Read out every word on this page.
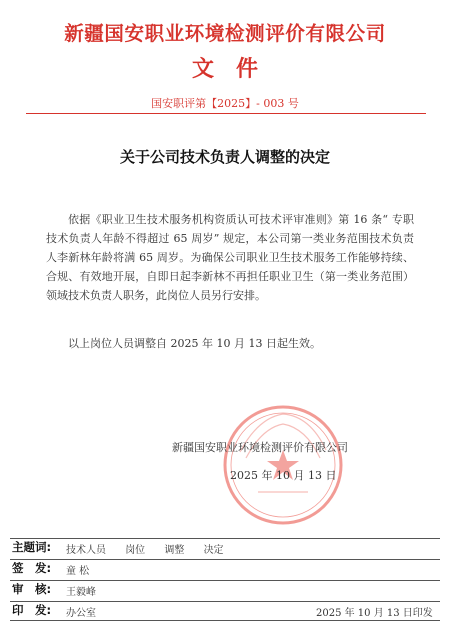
新疆国安职业环境检测评价有限公司
文件
国安职评第【2025】- 003 号
关于公司技术负责人调整的决定

依据《职业卫生技术服务机构资质认可技术评审准则》第 16 条“ 专职技术负责人年龄不得超过 65 周岁” 规定，本公司第一类业务范围技术负责人李新林年龄将满 65 周岁。为确保公司职业卫生技术服务工作能够持续、合规、有效地开展，自即日起李新林不再担任职业卫生（第一类业务范围）领域技术负责人职务，此岗位人员另行安排。

以上岗位人员调整自 2025 年 10 月 13 日起生效。

新疆国安职业环境检测评价有限公司
2025 年 10 月 13 日
主题词: 技术人员 岗位 调整 决定
签　发: 童 松
审　核: 王毅峰
印　发: 办公室	2025 年 10 月 13 日印发
